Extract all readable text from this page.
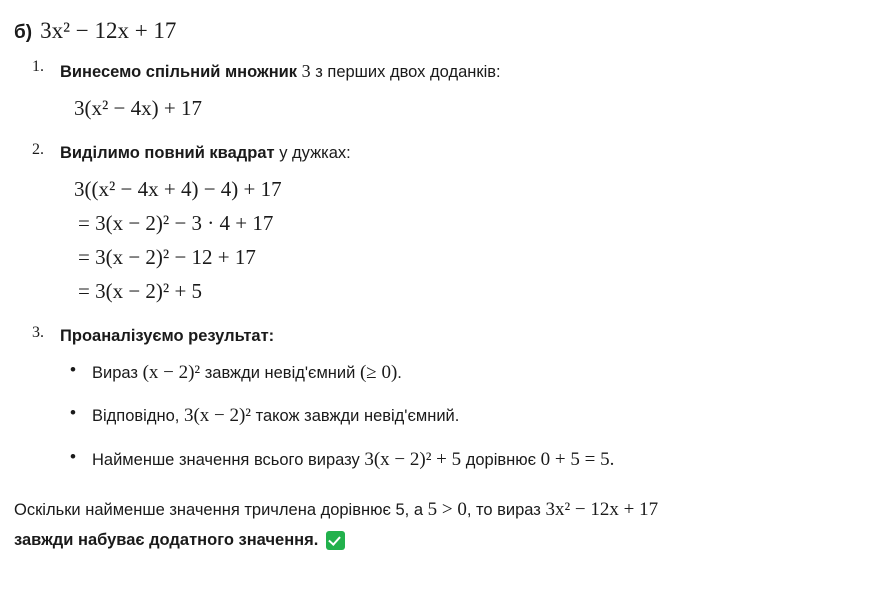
б) 3x² − 12x + 17
1. Винесемо спільний множник 3 з перших двох доданків:
3(x² − 4x) + 17
2. Виділимо повний квадрат у дужках:
3((x² − 4x + 4) − 4) + 17
= 3(x − 2)² − 3 · 4 + 17
= 3(x − 2)² − 12 + 17
= 3(x − 2)² + 5
3. Проаналізуємо результат:
• Вираз (x − 2)² завжди невід'ємний (≥ 0).
• Відповідно, 3(x − 2)² також завжди невід'ємний.
• Найменше значення всього виразу 3(x − 2)² + 5 дорівнює 0 + 5 = 5.
Оскільки найменше значення тричлена дорівнює 5, а 5 > 0, то вираз 3x² − 12x + 17
завжди набуває додатного значення.
